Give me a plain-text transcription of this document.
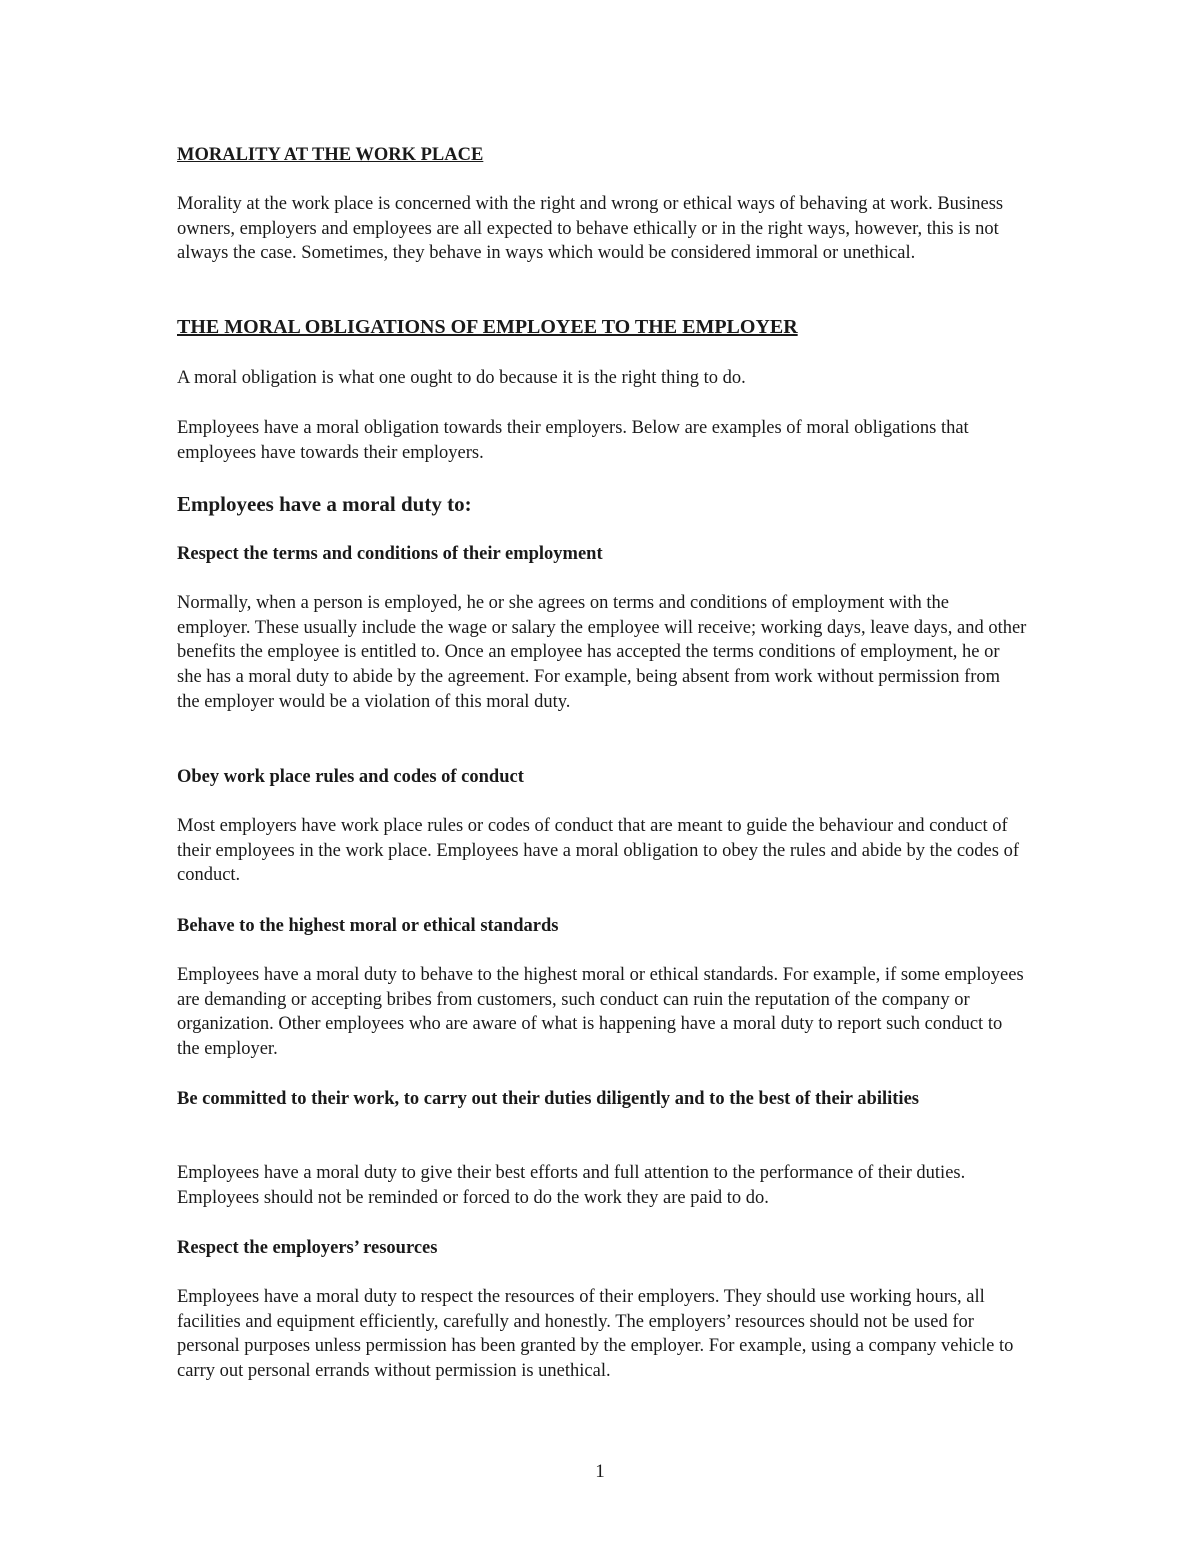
MORALITY AT THE WORK PLACE

Morality at the work place is concerned with the right and wrong or ethical ways of behaving at work. Business owners, employers and employees are all expected to behave ethically or in the right ways, however, this is not always the case. Sometimes, they behave in ways which would be considered immoral or unethical.

THE MORAL OBLIGATIONS OF EMPLOYEE TO THE EMPLOYER

A moral obligation is what one ought to do because it is the right thing to do.

Employees have a moral obligation towards their employers. Below are examples of moral obligations that employees have towards their employers.

Employees have a moral duty to:

Respect the terms and conditions of their employment

Normally, when a person is employed, he or she agrees on terms and conditions of employment with the employer. These usually include the wage or salary the employee will receive; working days, leave days, and other benefits the employee is entitled to. Once an employee has accepted the terms conditions of employment, he or she has a moral duty to abide by the agreement. For example, being absent from work without permission from the employer would be a violation of this moral duty.

Obey work place rules and codes of conduct

Most employers have work place rules or codes of conduct that are meant to guide the behaviour and conduct of their employees in the work place. Employees have a moral obligation to obey the rules and abide by the codes of conduct.

Behave to the highest moral or ethical standards

Employees have a moral duty to behave to the highest moral or ethical standards. For example, if some employees are demanding or accepting bribes from customers, such conduct can ruin the reputation of the company or organization. Other employees who are aware of what is happening have a moral duty to report such conduct to the employer.

Be committed to their work, to carry out their duties diligently and to the best of their abilities

Employees have a moral duty to give their best efforts and full attention to the performance of their duties. Employees should not be reminded or forced to do the work they are paid to do.

Respect the employers’ resources

Employees have a moral duty to respect the resources of their employers. They should use working hours, all facilities and equipment efficiently, carefully and honestly. The employers’ resources should not be used for personal purposes unless permission has been granted by the employer. For example, using a company vehicle to carry out personal errands without permission is unethical.

1
